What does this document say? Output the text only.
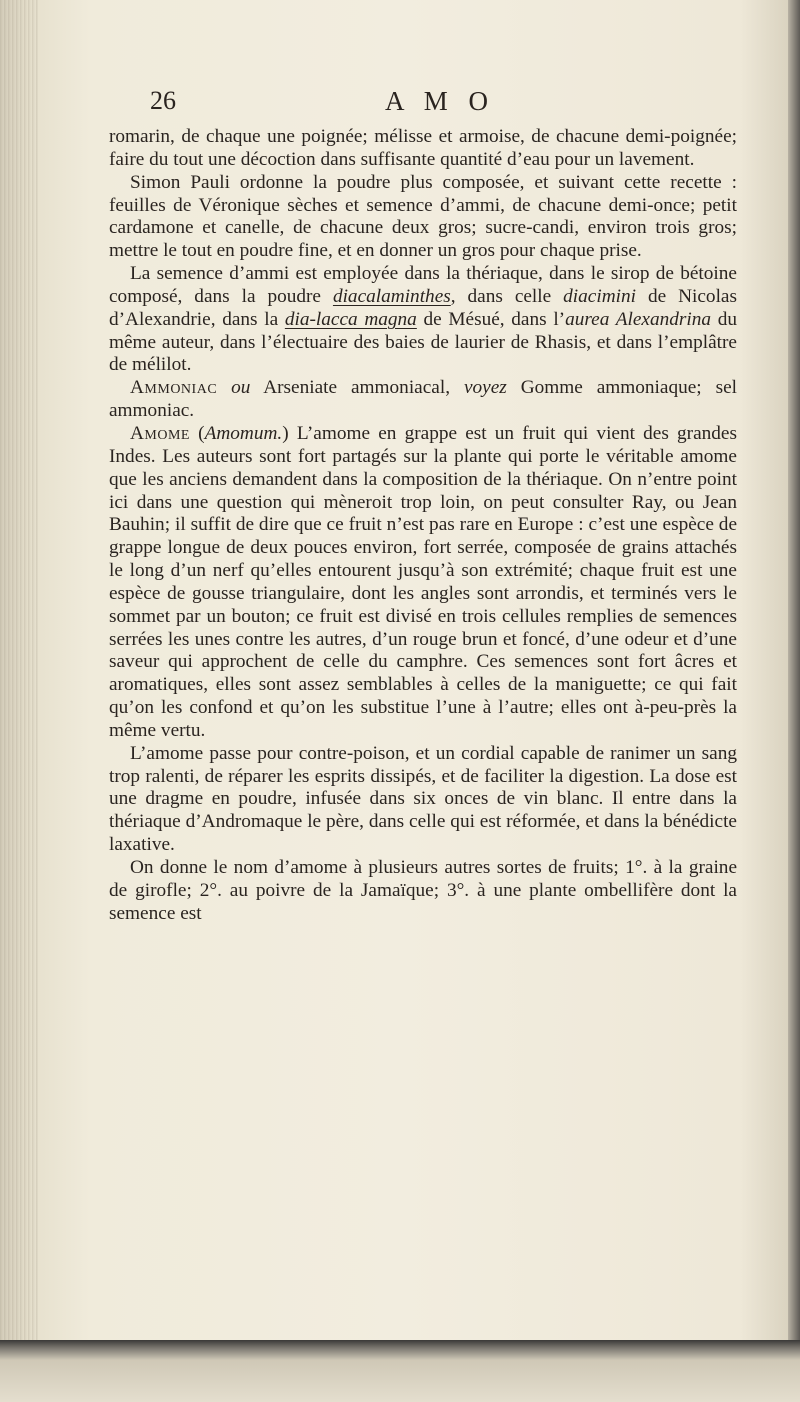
26	A M O

romarin, de chaque une poignée; mélisse et armoise, de chacune demi-poignée; faire du tout une décoction dans suffisante quantité d’eau pour un lavement.

Simon Pauli ordonne la poudre plus composée, et suivant cette recette : feuilles de Véronique sèches et semence d’ammi, de chacune demi-once; petit cardamone et canelle, de chacune deux gros; sucre-candi, environ trois gros; mettre le tout en poudre fine, et en donner un gros pour chaque prise.

La semence d’ammi est employée dans la thériaque, dans le sirop de bétoine composé, dans la poudre diacalaminthes, dans celle diacimini de Nicolas d’Alexandrie, dans la dia-lacca magna de Mésué, dans l’aurea Alexandrina du même auteur, dans l’électuaire des baies de laurier de Rhasis, et dans l’emplâtre de mélilot.

Ammoniac ou Arseniate ammoniacal, voyez Gomme ammoniaque; sel ammoniac.

Amome (Amomum.) L’amome en grappe est un fruit qui vient des grandes Indes. Les auteurs sont fort partagés sur la plante qui porte le véritable amome que les anciens demandent dans la composition de la thériaque. On n’entre point ici dans une question qui mèneroit trop loin, on peut consulter Ray, ou Jean Bauhin; il suffit de dire que ce fruit n’est pas rare en Europe : c’est une espèce de grappe longue de deux pouces environ, fort serrée, composée de grains attachés le long d’un nerf qu’elles entourent jusqu’à son extrémité; chaque fruit est une espèce de gousse triangulaire, dont les angles sont arrondis, et terminés vers le sommet par un bouton; ce fruit est divisé en trois cellules remplies de semences serrées les unes contre les autres, d’un rouge brun et foncé, d’une odeur et d’une saveur qui approchent de celle du camphre. Ces semences sont fort âcres et aromatiques, elles sont assez semblables à celles de la maniguette; ce qui fait qu’on les confond et qu’on les substitue l’une à l’autre; elles ont à-peu-près la même vertu.

L’amome passe pour contre-poison, et un cordial capable de ranimer un sang trop ralenti, de réparer les esprits dissipés, et de faciliter la digestion. La dose est une dragme en poudre, infusée dans six onces de vin blanc. Il entre dans la thériaque d’Andromaque le père, dans celle qui est réformée, et dans la bénédicte laxative.

On donne le nom d’amome à plusieurs autres sortes de fruits; 1°. à la graine de girofle; 2°. au poivre de la Jamaïque; 3°. à une plante ombellifère dont la semence est
